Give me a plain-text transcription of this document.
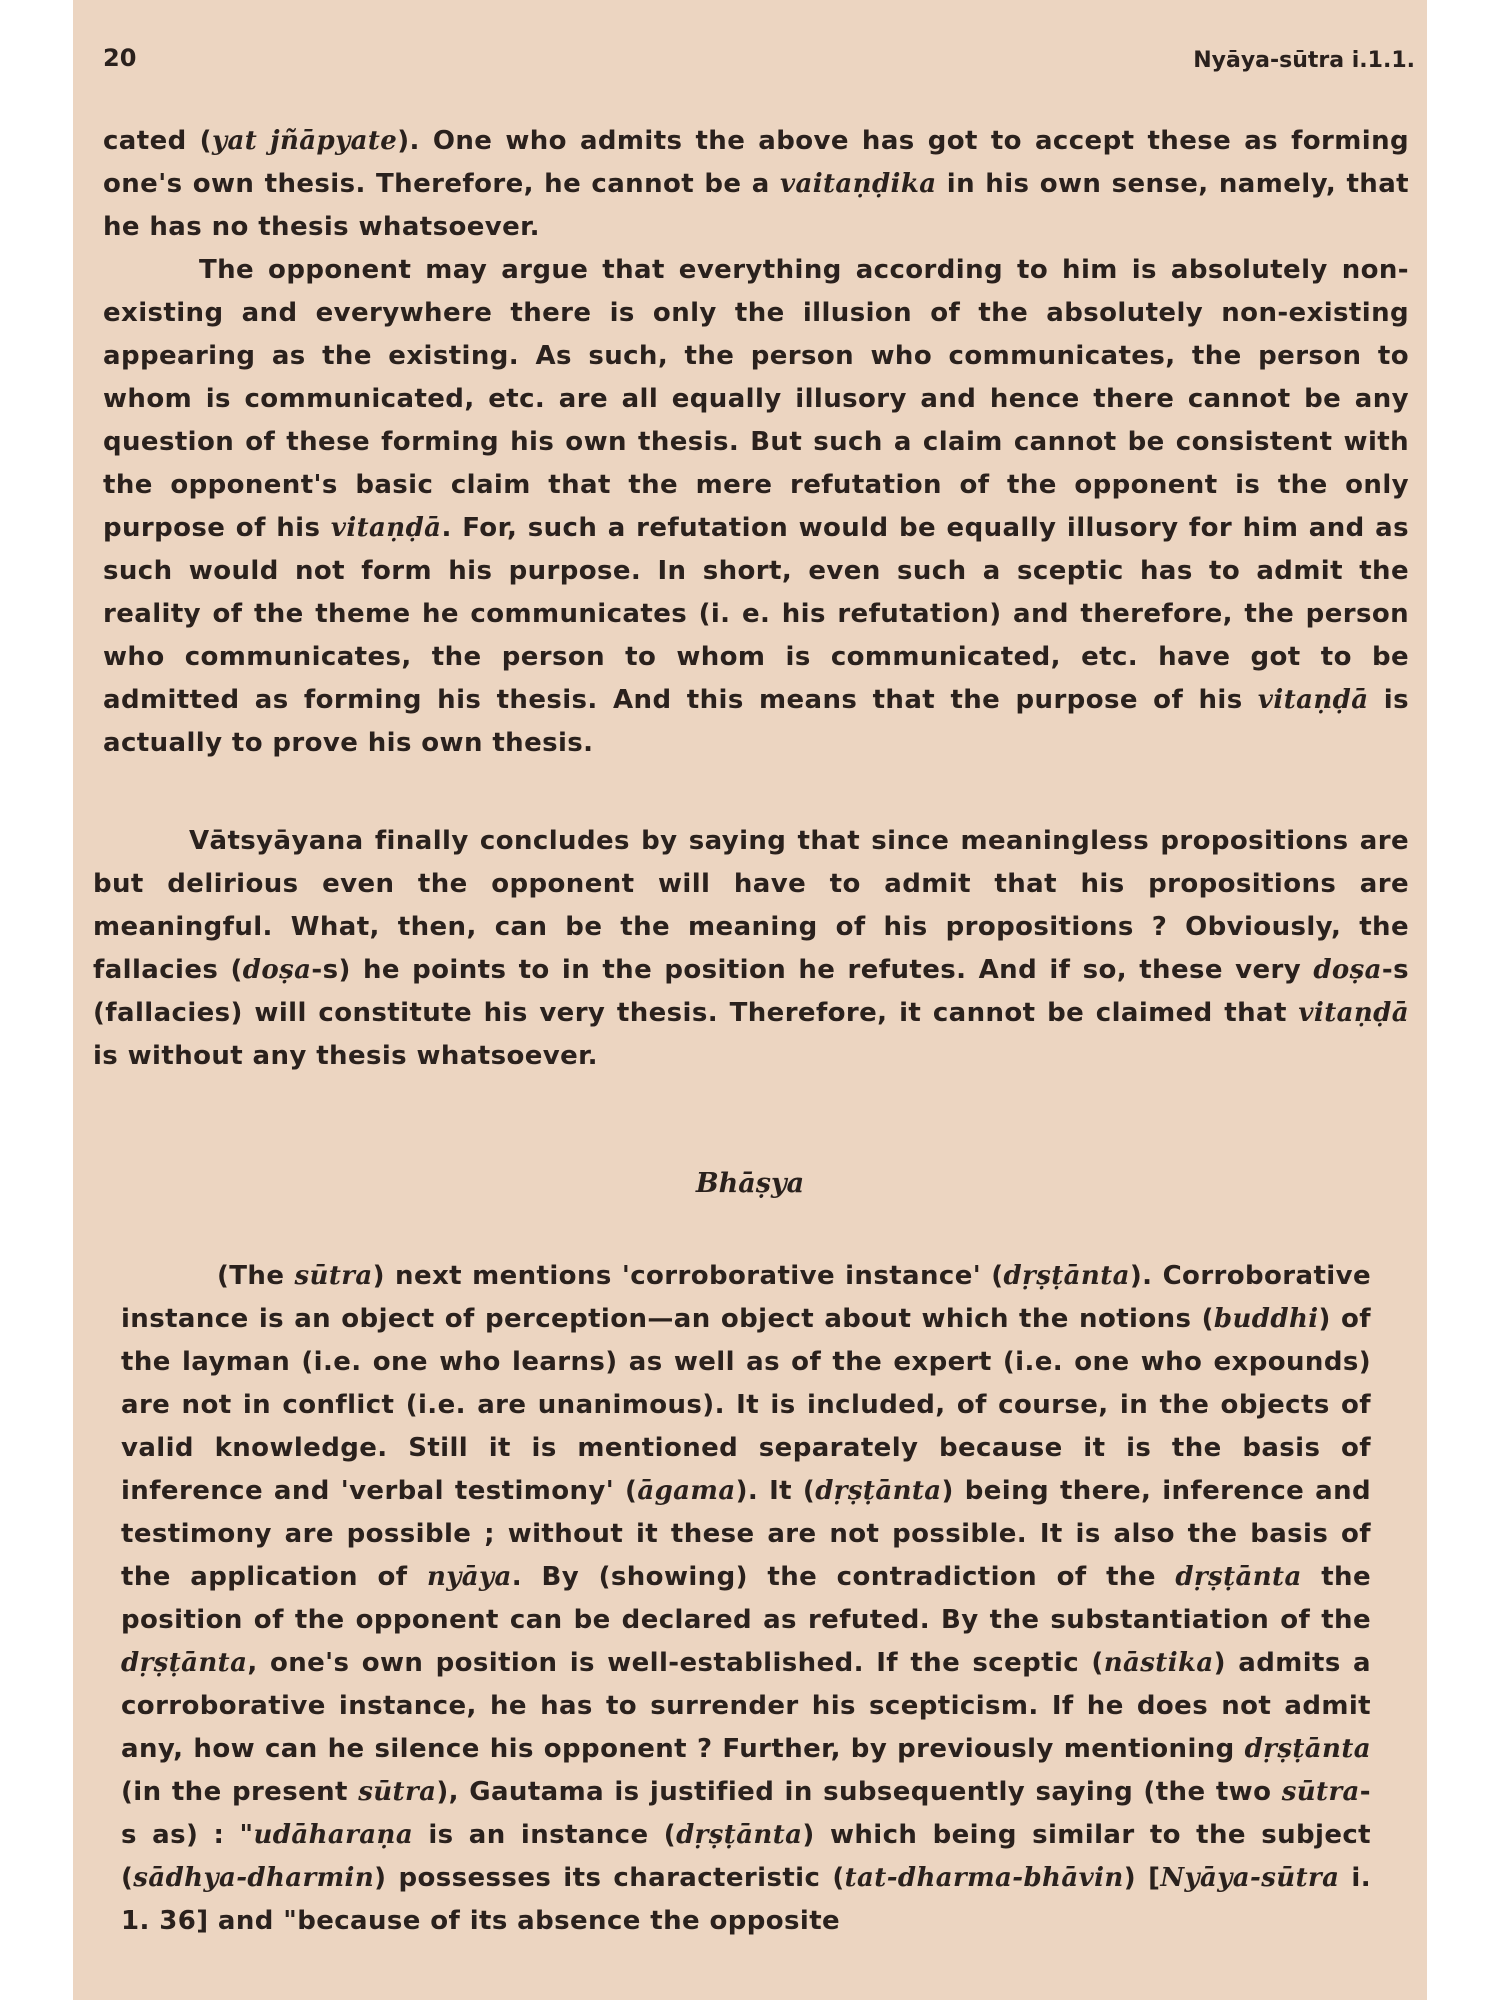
20	Nyāya-sūtra i.1.1.

cated (yat jñāpyate). One who admits the above has got to accept these as forming one's own thesis. Therefore, he cannot be a vaitaṇḍika in his own sense, namely, that he has no thesis whatsoever.

The opponent may argue that everything according to him is absolutely non-existing and everywhere there is only the illusion of the absolutely non-existing appearing as the existing. As such, the person who communicates, the person to whom is communicated, etc. are all equally illusory and hence there cannot be any question of these forming his own thesis. But such a claim cannot be consistent with the opponent's basic claim that the mere refutation of the opponent is the only purpose of his vitaṇḍā. For, such a refutation would be equally illusory for him and as such would not form his purpose. In short, even such a sceptic has to admit the reality of the theme he communicates (i. e. his refutation) and therefore, the person who communicates, the person to whom is communicated, etc. have got to be admitted as forming his thesis. And this means that the purpose of his vitaṇḍā is actually to prove his own thesis.

Vātsyāyana finally concludes by saying that since meaningless propositions are but delirious even the opponent will have to admit that his propositions are meaningful. What, then, can be the meaning of his propositions ? Obviously, the fallacies (doṣa-s) he points to in the position he refutes. And if so, these very doṣa-s (fallacies) will constitute his very thesis. Therefore, it cannot be claimed that vitaṇḍā is without any thesis whatsoever.

Bhāṣya

(The sūtra) next mentions 'corroborative instance' (dṛṣṭānta). Corroborative instance is an object of perception—an object about which the notions (buddhi) of the layman (i.e. one who learns) as well as of the expert (i.e. one who expounds) are not in conflict (i.e. are unanimous). It is included, of course, in the objects of valid knowledge. Still it is mentioned separately because it is the basis of inference and 'verbal testimony' (āgama). It (dṛṣṭānta) being there, inference and testimony are possible ; without it these are not possible. It is also the basis of the application of nyāya. By (showing) the contradiction of the dṛṣṭānta the position of the opponent can be declared as refuted. By the substantiation of the dṛṣṭānta, one's own position is well-established. If the sceptic (nāstika) admits a corroborative instance, he has to surrender his scepticism. If he does not admit any, how can he silence his opponent ? Further, by previously mentioning dṛṣṭānta (in the present sūtra), Gautama is justified in subsequently saying (the two sūtra-s as) : "udāharaṇa is an instance (dṛṣṭānta) which being similar to the subject (sādhya-dharmin) possesses its characteristic (tat-dharma-bhāvin) [Nyāya-sūtra i. 1. 36] and "because of its absence the opposite
